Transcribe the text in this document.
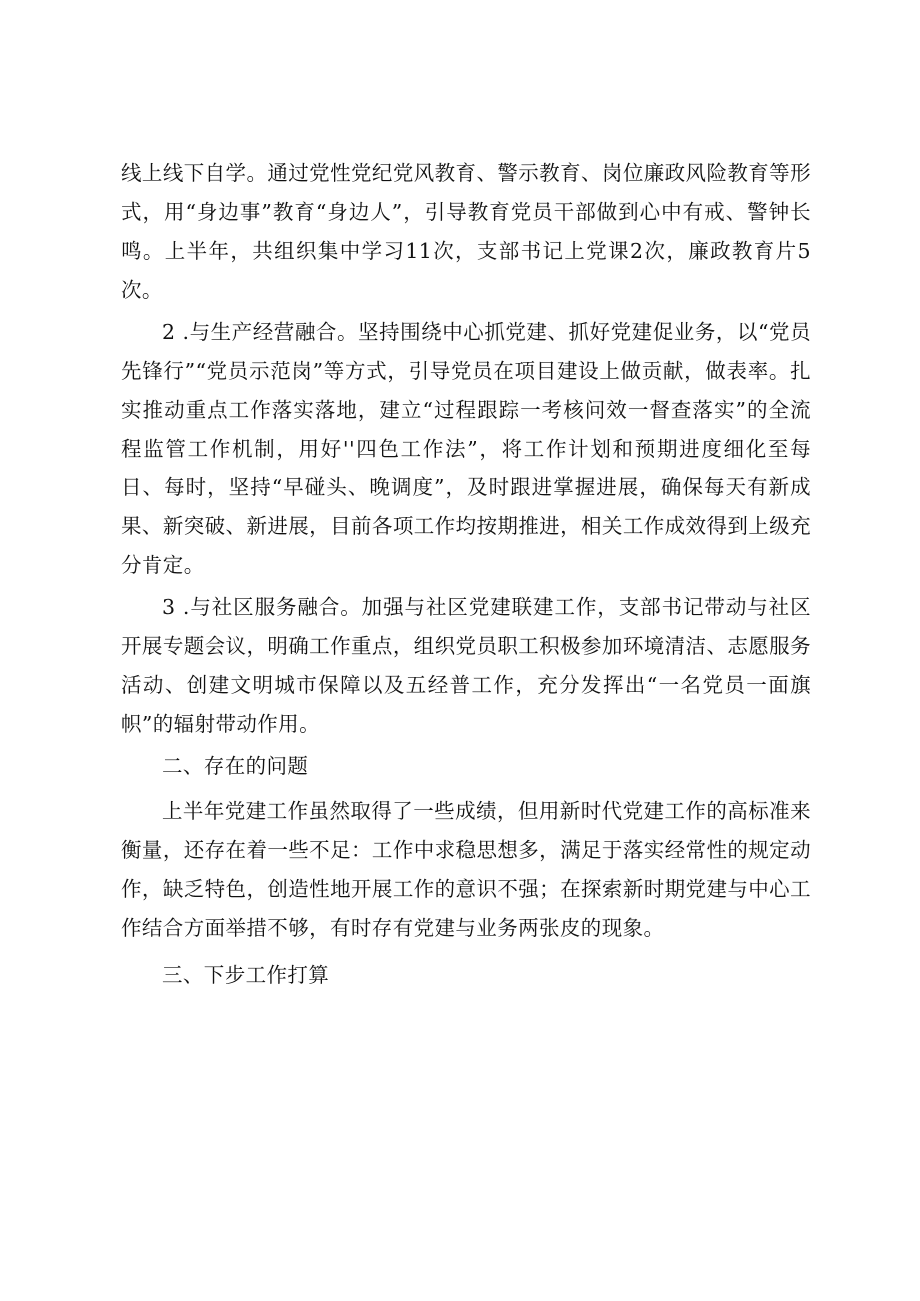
线上线下自学。通过党性党纪党风教育、警示教育、岗位廉政风险教育等形式，用“身边事”教育“身边人”，引导教育党员干部做到心中有戒、警钟长鸣。上半年，共组织集中学习11次，支部书记上党课2次，廉政教育片5次。

2 .与生产经营融合。坚持围绕中心抓党建、抓好党建促业务，以“党员先锋行”“党员示范岗”等方式，引导党员在项目建设上做贡献，做表率。扎实推动重点工作落实落地，建立“过程跟踪一考核问效一督查落实”的全流程监管工作机制，用好''四色工作法”，将工作计划和预期进度细化至每日、每时，坚持“早碰头、晚调度”，及时跟进掌握进展，确保每天有新成果、新突破、新进展，目前各项工作均按期推进，相关工作成效得到上级充分肯定。

3 .与社区服务融合。加强与社区党建联建工作，支部书记带动与社区开展专题会议，明确工作重点，组织党员职工积极参加环境清洁、志愿服务活动、创建文明城市保障以及五经普工作，充分发挥出“一名党员一面旗帜”的辐射带动作用。

二、存在的问题

上半年党建工作虽然取得了一些成绩，但用新时代党建工作的高标准来衡量，还存在着一些不足：工作中求稳思想多，满足于落实经常性的规定动作，缺乏特色，创造性地开展工作的意识不强；在探索新时期党建与中心工作结合方面举措不够，有时存有党建与业务两张皮的现象。

三、下步工作打算
